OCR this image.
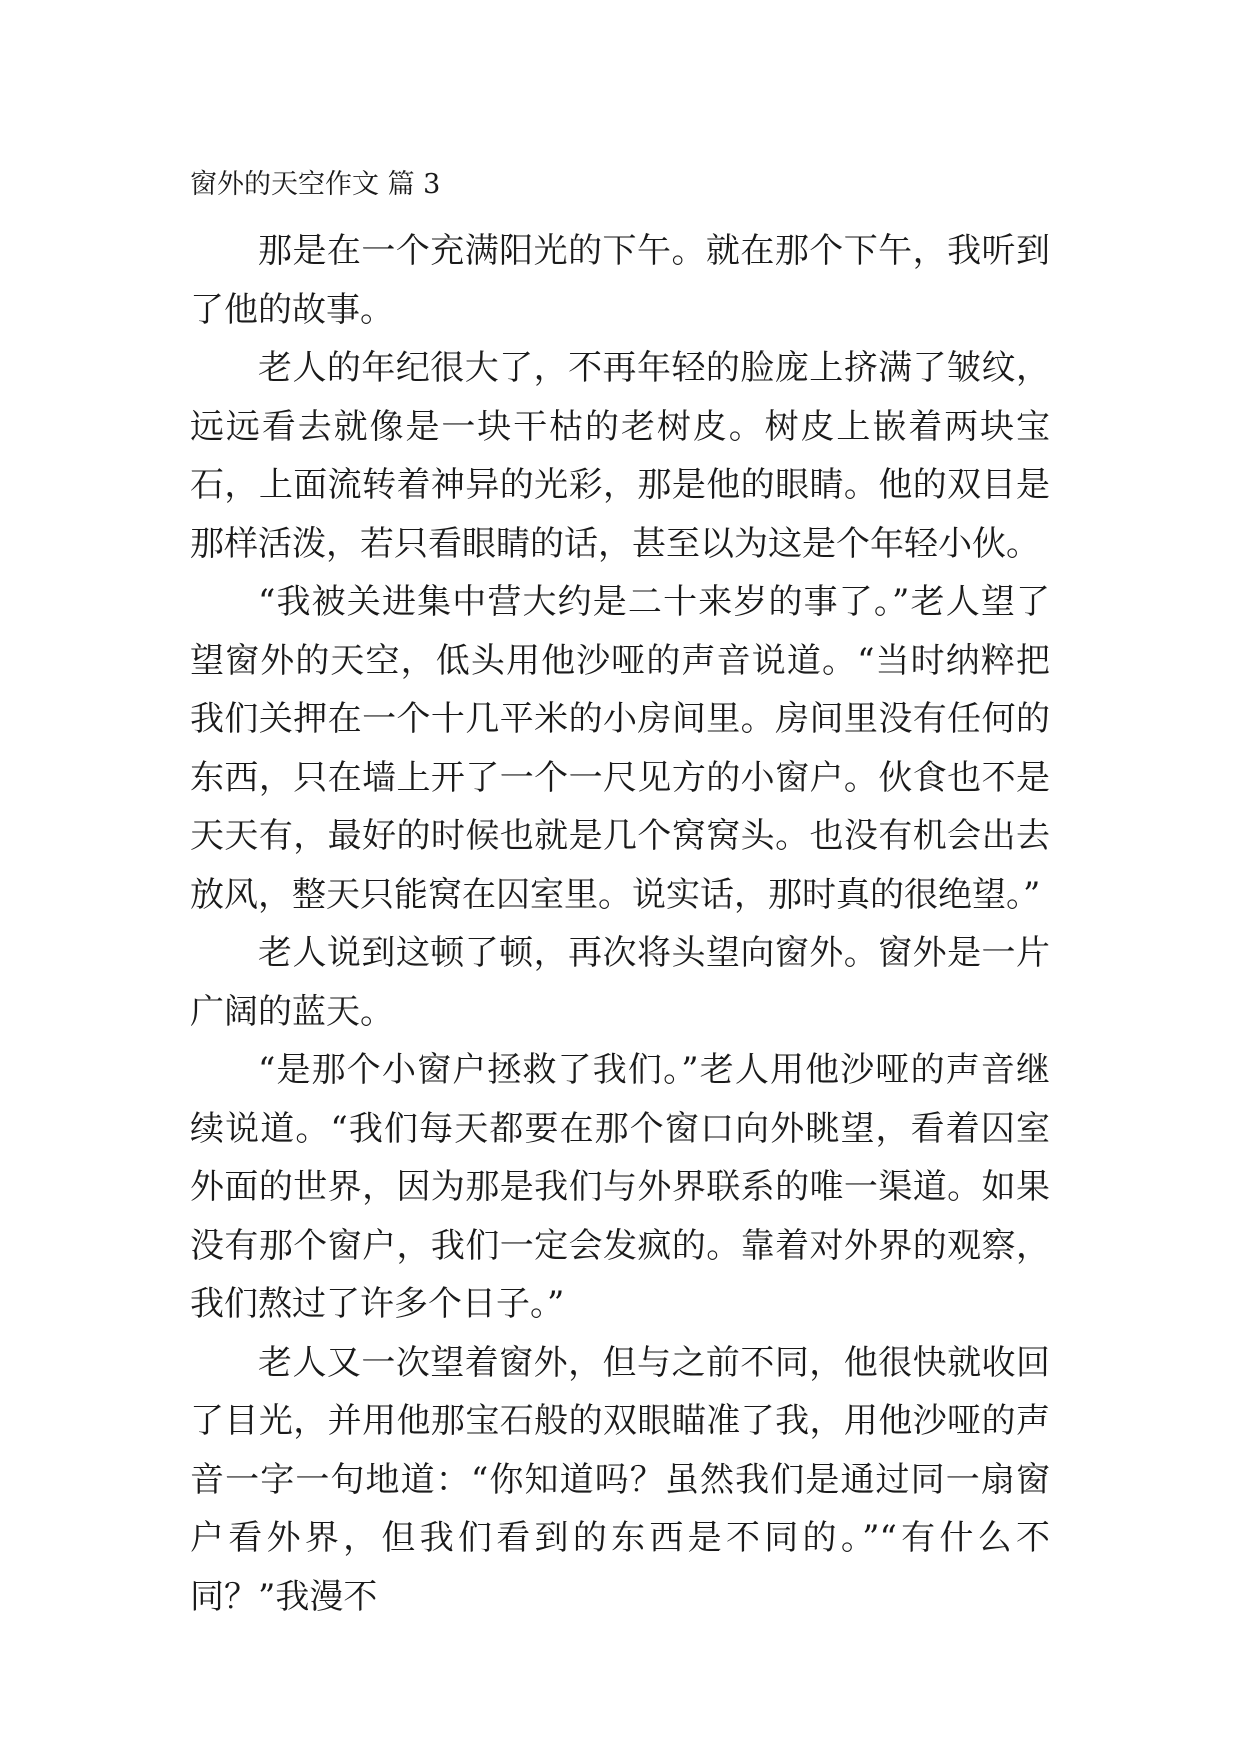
窗外的天空作文 篇 3

那是在一个充满阳光的下午。就在那个下午，我听到了他的故事。

老人的年纪很大了，不再年轻的脸庞上挤满了皱纹，远远看去就像是一块干枯的老树皮。树皮上嵌着两块宝石，上面流转着神异的光彩，那是他的眼睛。他的双目是那样活泼，若只看眼睛的话，甚至以为这是个年轻小伙。

“我被关进集中营大约是二十来岁的事了。”老人望了望窗外的天空，低头用他沙哑的声音说道。“当时纳粹把我们关押在一个十几平米的小房间里。房间里没有任何的东西，只在墙上开了一个一尺见方的小窗户。伙食也不是天天有，最好的时候也就是几个窝窝头。也没有机会出去放风，整天只能窝在囚室里。说实话，那时真的很绝望。”

老人说到这顿了顿，再次将头望向窗外。窗外是一片广阔的蓝天。

“是那个小窗户拯救了我们。”老人用他沙哑的声音继续说道。“我们每天都要在那个窗口向外眺望，看着囚室外面的世界，因为那是我们与外界联系的唯一渠道。如果没有那个窗户，我们一定会发疯的。靠着对外界的观察，我们熬过了许多个日子。”

老人又一次望着窗外，但与之前不同，他很快就收回了目光，并用他那宝石般的双眼瞄准了我，用他沙哑的声音一字一句地道：“你知道吗？虽然我们是通过同一扇窗户看外界，但我们看到的东西是不同的。”“有什么不同？”我漫不
